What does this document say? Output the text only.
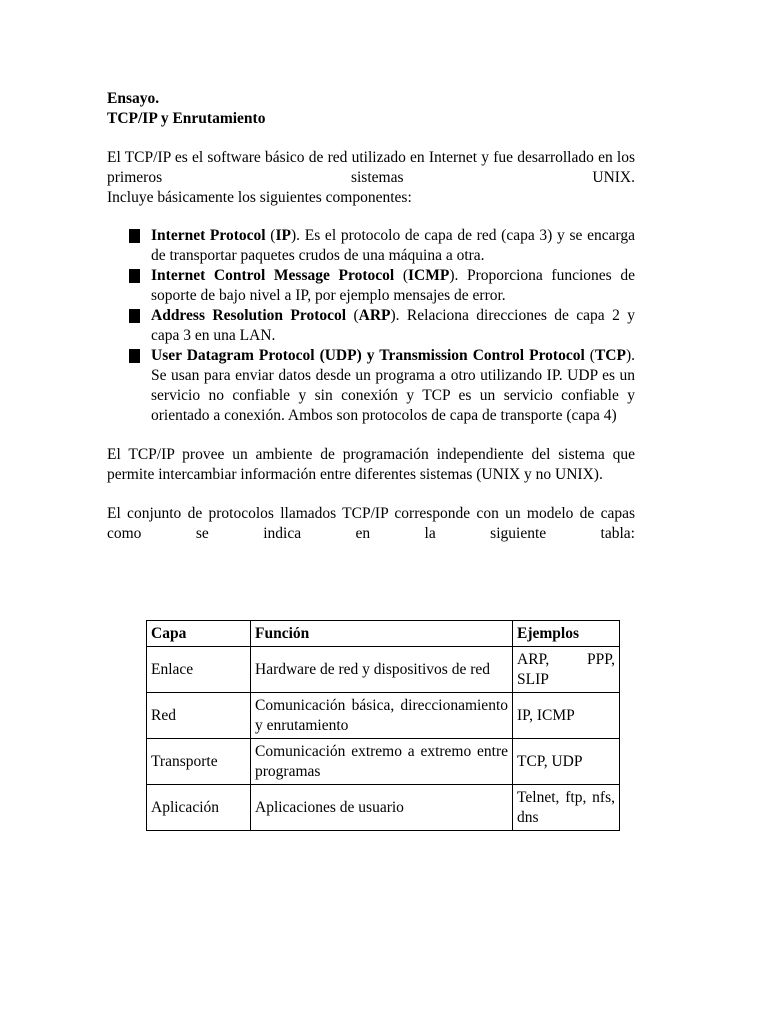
Ensayo.

TCP/IP y Enrutamiento

El TCP/IP es el software básico de red utilizado en Internet y fue desarrollado en los primeros sistemas UNIX.

Incluye básicamente los siguientes componentes:

Internet Protocol (IP). Es el protocolo de capa de red (capa 3) y se encarga de transportar paquetes crudos de una máquina a otra.
Internet Control Message Protocol (ICMP). Proporciona funciones de soporte de bajo nivel a IP, por ejemplo mensajes de error.
Address Resolution Protocol (ARP). Relaciona direcciones de capa 2 y capa 3 en una LAN.
User Datagram Protocol (UDP) y Transmission Control Protocol (TCP). Se usan para enviar datos desde un programa a otro utilizando IP. UDP es un servicio no confiable y sin conexión y TCP es un servicio confiable y orientado a conexión. Ambos son protocolos de capa de transporte (capa 4)

El TCP/IP provee un ambiente de programación independiente del sistema que permite intercambiar información entre diferentes sistemas (UNIX y no UNIX).

El conjunto de protocolos llamados TCP/IP corresponde con un modelo de capas como se indica en la siguiente tabla:

Capa	Función	Ejemplos
Enlace	Hardware de red y dispositivos de red	ARP, PPP, SLIP
Red	Comunicación básica, direccionamiento y enrutamiento	IP, ICMP
Transporte	Comunicación extremo a extremo entre programas	TCP, UDP
Aplicación	Aplicaciones de usuario	Telnet, ftp, nfs, dns
